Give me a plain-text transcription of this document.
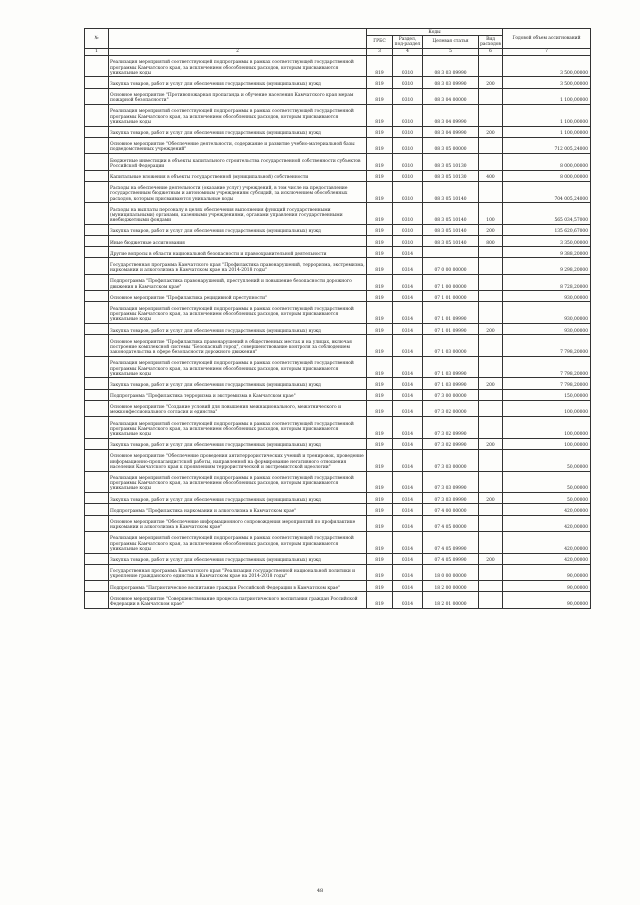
№		Коды				Годовой объем ассигнований
		ГРБС	Раздел, под-раздел	Целевая статья	Вид расходов	
1	2	3	4	5	6	7
	Реализация мероприятий соответствующей подпрограммы в рамках соответствующей государственной программы Камчатского края, за исключением обособленных расходов, которым присваиваются уникальные коды	819	0310	08 3 03 09990		3 500,00000
	Закупка товаров, работ и услуг для обеспечения государственных (муниципальных) нужд	819	0310	08 3 03 09990	200	3 500,00000
	Основное мероприятие "Противопожарная пропаганда и обучение населения Камчатского края мерам пожарной безопасности"	819	0310	08 3 04 00000		1 100,00000
	Реализация мероприятий соответствующей подпрограммы в рамках соответствующей государственной программы Камчатского края, за исключением обособленных расходов, которым присваиваются уникальные коды	819	0310	08 3 04 09990		1 100,00000
	Закупка товаров, работ и услуг для обеспечения государственных (муниципальных) нужд	819	0310	08 3 04 09990	200	1 100,00000
	Основное мероприятие "Обеспечение деятельности, содержание и развитие учебно-материальной базы подведомственных учреждений"	819	0310	08 3 05 00000		712 005,24000
	Бюджетные инвестиции в объекты капитального строительства государственной собственности субъектов Российской Федерации	819	0310	08 3 05 10130		8 000,00000
	Капитальные вложения в объекты государственной (муниципальной) собственности	819	0310	08 3 05 10130	400	8 000,00000
	Расходы на обеспечение деятельности (оказание услуг) учреждений, в том числе на предоставление государственным бюджетным и автономным учреждениям субсидий, за исключением обособленных расходов, которым присваиваются уникальные коды	819	0310	08 3 05 10140		704 005,24000
	Расходы на выплаты персоналу в целях обеспечения выполнения функций государственными (муниципальными) органами, казенными учреждениями, органами управления государственными внебюджетными фондами	819	0310	08 3 05 10140	100	565 034,57000
	Закупка товаров, работ и услуг для обеспечения государственных (муниципальных) нужд	819	0310	08 3 05 10140	200	135 620,67000
	Иные бюджетные ассигнования	819	0310	08 3 05 10140	800	3 350,00000
	Другие вопросы в области национальной безопасности и правоохранительной деятельности	819	0314			9 388,20000
	Государственная программа Камчатского края "Профилактика правонарушений, терроризма, экстремизма, наркомании и алкоголизма в Камчатском крае на 2014-2018 годы"	819	0314	07 0 00 00000		9 298,20000
	Подпрограмма "Профилактика правонарушений, преступлений и повышение безопасности дорожного движения в Камчатском крае"	819	0314	07 1 00 00000		8 728,20000
	Основное мероприятие "Профилактика рецидивной преступности"	819	0314	07 1 01 00000		930,00000
	Реализация мероприятий соответствующей подпрограммы в рамках соответствующей государственной программы Камчатского края, за исключением обособленных расходов, которым присваиваются уникальные коды	819	0314	07 1 01 09990		930,00000
	Закупка товаров, работ и услуг для обеспечения государственных (муниципальных) нужд	819	0314	07 1 01 09990	200	930,00000
	Основное мероприятие "Профилактика правонарушений в общественных местах и на улицах, включая построение комплексной системы "Безопасный город", совершенствование контроля за соблюдением законодательства в сфере безопасности дорожного движения"	819	0314	07 1 03 00000		7 798,20000
	Реализация мероприятий соответствующей подпрограммы в рамках соответствующей государственной программы Камчатского края, за исключением обособленных расходов, которым присваиваются уникальные коды	819	0314	07 1 03 09990		7 798,20000
	Закупка товаров, работ и услуг для обеспечения государственных (муниципальных) нужд	819	0314	07 1 03 09990	200	7 798,20000
	Подпрограмма "Профилактика терроризма и экстремизма в Камчатском крае"	819	0314	07 3 00 00000		150,00000
	Основное мероприятие "Создание условий для повышения межнационального, межэтнического и межконфессионального согласия и единства"	819	0314	07 3 02 00000		100,00000
	Реализация мероприятий соответствующей подпрограммы в рамках соответствующей государственной программы Камчатского края, за исключением обособленных расходов, которым присваиваются уникальные коды	819	0314	07 3 02 09990		100,00000
	Закупка товаров, работ и услуг для обеспечения государственных (муниципальных) нужд	819	0314	07 3 02 09990	200	100,00000
	Основное мероприятие "Обеспечение проведения антитеррористических учений и тренировок, проведение информационно-пропагандистской работы, направленной на формирование негативного отношения населения Камчатского края к проявлениям террористической и экстремистской идеологии"	819	0314	07 3 03 00000		50,00000
	Реализация мероприятий соответствующей подпрограммы в рамках соответствующей государственной программы Камчатского края, за исключением обособленных расходов, которым присваиваются уникальные коды	819	0314	07 3 03 09990		50,00000
	Закупка товаров, работ и услуг для обеспечения государственных (муниципальных) нужд	819	0314	07 3 03 09990	200	50,00000
	Подпрограмма "Профилактика наркомании и алкоголизма в Камчатском крае"	819	0314	07 4 00 00000		420,00000
	Основное мероприятие "Обеспечение информационного сопровождения мероприятий по профилактике наркомании и алкоголизма в Камчатском крае"	819	0314	07 4 05 00000		420,00000
	Реализация мероприятий соответствующей подпрограммы в рамках соответствующей государственной программы Камчатского края, за исключением обособленных расходов, которым присваиваются уникальные коды	819	0314	07 4 05 09990		420,00000
	Закупка товаров, работ и услуг для обеспечения государственных (муниципальных) нужд	819	0314	07 4 05 09990	200	420,00000
	Государственная программа Камчатского края "Реализация государственной национальной политики и укрепление гражданского единства в Камчатском крае на 2014-2018 годы"	819	0314	18 0 00 00000		90,00000
	Подпрограмма "Патриотическое воспитание граждан Российской Федерации в Камчатском крае"	819	0314	18 2 00 00000		90,00000
	Основное мероприятие "Совершенствование процесса патриотического воспитания граждан Российской Федерации в Камчатском крае"	819	0314	18 2 01 00000		90,00000
48
